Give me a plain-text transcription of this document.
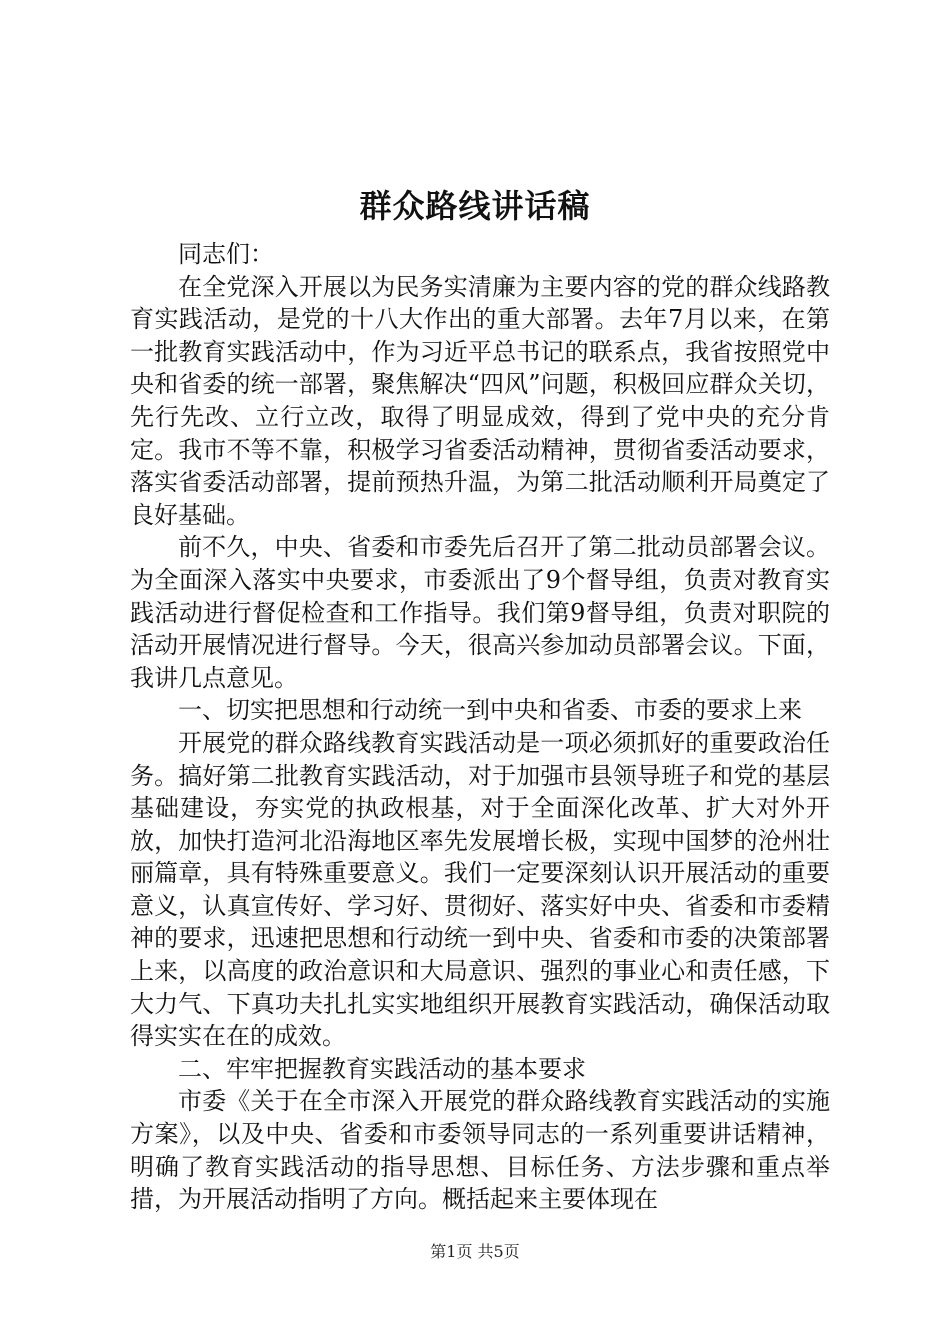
群众路线讲话稿

同志们：

在全党深入开展以为民务实清廉为主要内容的党的群众线路教育实践活动，是党的十八大作出的重大部署。去年7月以来，在第一批教育实践活动中，作为习近平总书记的联系点，我省按照党中央和省委的统一部署，聚焦解决“四风”问题，积极回应群众关切，先行先改、立行立改，取得了明显成效，得到了党中央的充分肯定。我市不等不靠，积极学习省委活动精神，贯彻省委活动要求，落实省委活动部署，提前预热升温，为第二批活动顺利开局奠定了良好基础。

前不久，中央、省委和市委先后召开了第二批动员部署会议。为全面深入落实中央要求，市委派出了9个督导组，负责对教育实践活动进行督促检查和工作指导。我们第9督导组，负责对职院的活动开展情况进行督导。今天，很高兴参加动员部署会议。下面，我讲几点意见。

一、切实把思想和行动统一到中央和省委、市委的要求上来

开展党的群众路线教育实践活动是一项必须抓好的重要政治任务。搞好第二批教育实践活动，对于加强市县领导班子和党的基层基础建设，夯实党的执政根基，对于全面深化改革、扩大对外开放，加快打造河北沿海地区率先发展增长极，实现中国梦的沧州壮丽篇章，具有特殊重要意义。我们一定要深刻认识开展活动的重要意义，认真宣传好、学习好、贯彻好、落实好中央、省委和市委精神的要求，迅速把思想和行动统一到中央、省委和市委的决策部署上来，以高度的政治意识和大局意识、强烈的事业心和责任感，下大力气、下真功夫扎扎实实地组织开展教育实践活动，确保活动取得实实在在的成效。

二、牢牢把握教育实践活动的基本要求

市委《关于在全市深入开展党的群众路线教育实践活动的实施方案》，以及中央、省委和市委领导同志的一系列重要讲话精神，明确了教育实践活动的指导思想、目标任务、方法步骤和重点举措，为开展活动指明了方向。概括起来主要体现在

第1页 共5页
